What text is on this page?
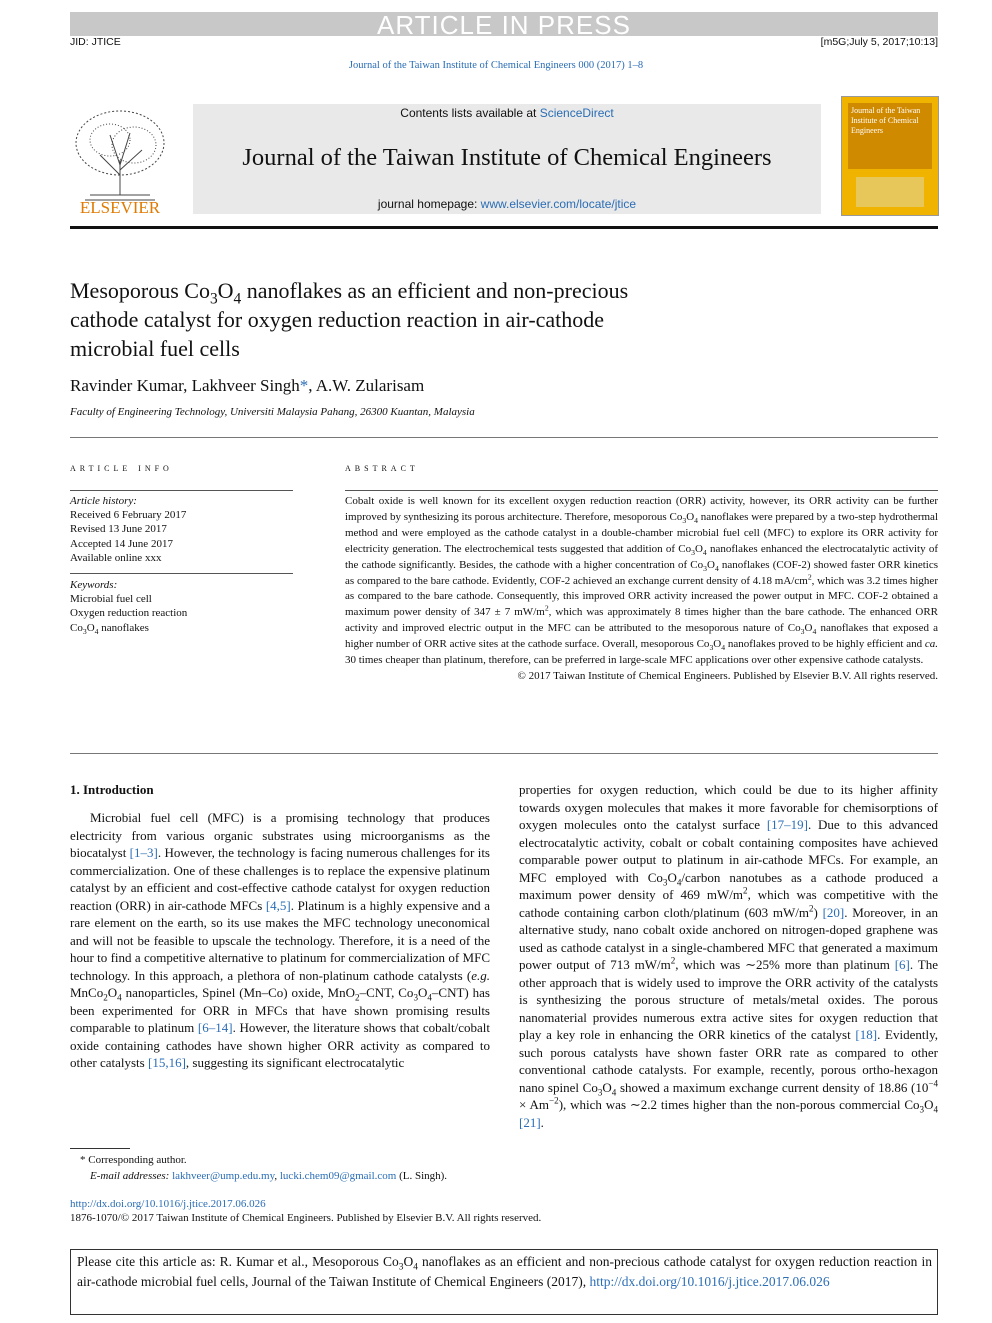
ARTICLE IN PRESS
JID: JTICE	[m5G;July 5, 2017;10:13]
Journal of the Taiwan Institute of Chemical Engineers 000 (2017) 1–8
ELSEVIER
Contents lists available at ScienceDirect
Journal of the Taiwan Institute of Chemical Engineers
journal homepage: www.elsevier.com/locate/jtice
Journal of the Taiwan Institute of Chemical Engineers
Mesoporous $Co_3O_4$ nanoflakes as an efficient and non-precious
cathode catalyst for oxygen reduction reaction in air-cathode
microbial fuel cells
Ravinder Kumar, Lakhveer Singh*, A.W. Zularisam
Faculty of Engineering Technology, Universiti Malaysia Pahang, 26300 Kuantan, Malaysia
article info
Article history:
Received 6 February 2017
Revised 13 June 2017
Accepted 14 June 2017
Available online xxx
Keywords:
Microbial fuel cell
Oxygen reduction reaction
$Co_3O_4$ nanoflakes
abstract
Cobalt oxide is well known for its excellent oxygen reduction reaction (ORR) activity, however, its ORR activity can be further improved by synthesizing its porous architecture. Therefore, mesoporous $Co_3O_4$ nanoflakes were prepared by a two-step hydrothermal method and were employed as the cathode catalyst in a double-chamber microbial fuel cell (MFC) to explore its ORR activity for electricity generation. The electrochemical tests suggested that addition of $Co_3O_4$ nanoflakes enhanced the electrocatalytic activity of the cathode significantly. Besides, the cathode with a higher concentration of $Co_3O_4$ nanoflakes (COF-2) showed faster ORR kinetics as compared to the bare cathode. Evidently, COF-2 achieved an exchange current density of 4.18 $mA/cm^2$, which was 3.2 times higher as compared to the bare cathode. Consequently, this improved ORR activity increased the power output in MFC. COF-2 obtained a maximum power density of 347 ± 7 $mW/m^2$, which was approximately 8 times higher than the bare cathode. The enhanced ORR activity and improved electric output in the MFC can be attributed to the mesoporous nature of $Co_3O_4$ nanoflakes that exposed a higher number of ORR active sites at the cathode surface. Overall, mesoporous $Co_3O_4$ nanoflakes proved to be highly efficient and ca. 30 times cheaper than platinum, therefore, can be preferred in large-scale MFC applications over other expensive cathode catalysts.
© 2017 Taiwan Institute of Chemical Engineers. Published by Elsevier B.V. All rights reserved.
1. Introduction
Microbial fuel cell (MFC) is a promising technology that produces electricity from various organic substrates using microorganisms as the biocatalyst [1–3]. However, the technology is facing numerous challenges for its commercialization. One of these challenges is to replace the expensive platinum catalyst by an efficient and cost-effective cathode catalyst for oxygen reduction reaction (ORR) in air-cathode MFCs [4,5]. Platinum is a highly expensive and a rare element on the earth, so its use makes the MFC technology uneconomical and will not be feasible to upscale the technology. Therefore, it is a need of the hour to find a competitive alternative to platinum for commercialization of MFC technology. In this approach, a plethora of non-platinum cathode catalysts (e.g. $MnCo_2O_4$ nanoparticles, Spinel (Mn–Co) oxide, MnO$_2$–CNT, $Co_3O_4-CNT$) has been experimented for ORR in MFCs that have shown promising results comparable to platinum [6–14]. However, the literature shows that cobalt/cobalt oxide containing cathodes have shown higher ORR activity as compared to other catalysts [15,16], suggesting its significant electrocatalytic
properties for oxygen reduction, which could be due to its higher affinity towards oxygen molecules that makes it more favorable for chemisorptions of oxygen molecules onto the catalyst surface [17–19]. Due to this advanced electrocatalytic activity, cobalt or cobalt containing composites have achieved comparable power output to platinum in air-cathode MFCs. For example, an MFC employed with $Co_3O_4$/carbon nanotubes as a cathode produced a maximum power density of 469 $mW/m^2$, which was competitive with the cathode containing carbon cloth/platinum (603 $mW/m^2$) [20]. Moreover, in an alternative study, nano cobalt oxide anchored on nitrogen-doped graphene was used as cathode catalyst in a single-chambered MFC that generated a maximum power output of 713 $mW/m^2$, which was ∼25% more than platinum [6]. The other approach that is widely used to improve the ORR activity of the catalysts is synthesizing the porous structure of metals/metal oxides. The porous nanomaterial provides numerous extra active sites for oxygen reduction that play a key role in enhancing the ORR kinetics of the catalyst [18]. Evidently, such porous catalysts have shown faster ORR rate as compared to other conventional cathode catalysts. For example, recently, porous ortho-hexagon nano spinel $Co_3O_4$ showed a maximum exchange current density of 18.86 $(10^{-4} \times Am^{-2})$, which was ∼2.2 times higher than the non-porous commercial $Co_3O_4$ [21].
* Corresponding author.
E-mail addresses: lakhveer@ump.edu.my, lucki.chem09@gmail.com (L. Singh).
http://dx.doi.org/10.1016/j.jtice.2017.06.026
1876-1070/© 2017 Taiwan Institute of Chemical Engineers. Published by Elsevier B.V. All rights reserved.
Please cite this article as: R. Kumar et al., Mesoporous $Co_3O_4$ nanoflakes as an efficient and non-precious cathode catalyst for oxygen reduction reaction in air-cathode microbial fuel cells, Journal of the Taiwan Institute of Chemical Engineers (2017), http://dx.doi.org/10.1016/j.jtice.2017.06.026
